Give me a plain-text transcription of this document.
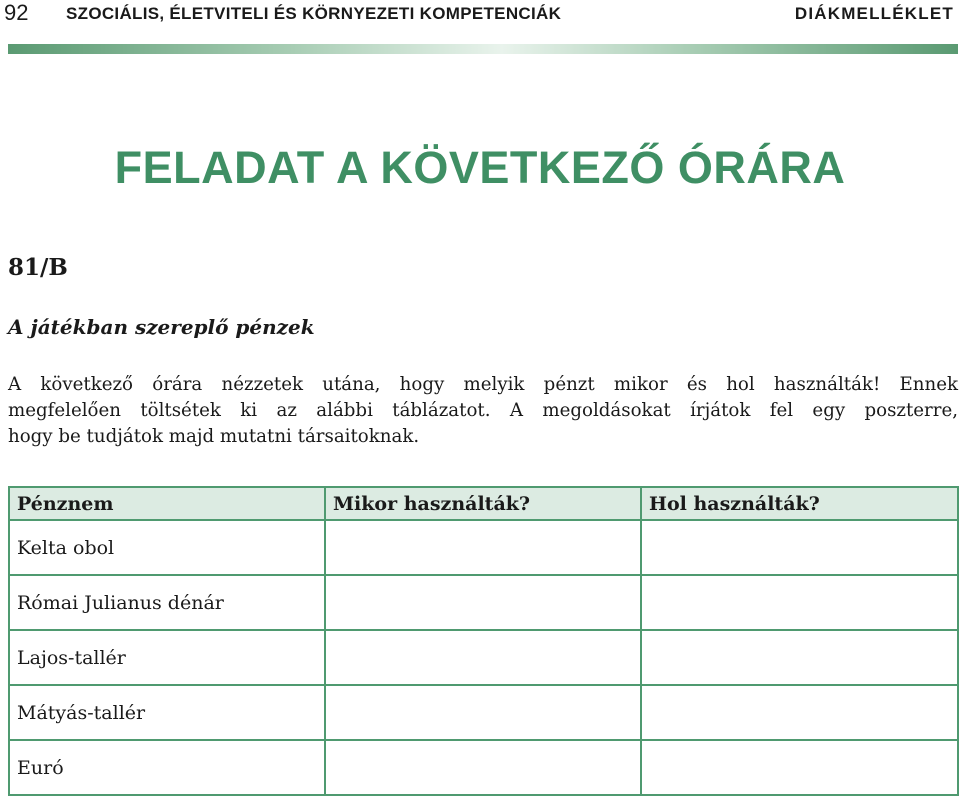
92 SZOCIÁLIS, ÉLETVITELI ÉS KÖRNYEZETI KOMPETENCIÁK	DIÁKMELLÉKLET
FELADAT A KÖVETKEZŐ ÓRÁRA
81/B
A játékban szereplő pénzek
A következő órára nézzetek utána, hogy melyik pénzt mikor és hol használták! Ennek
megfelelően töltsétek ki az alábbi táblázatot. A megoldásokat írjátok fel egy poszterre,
hogy be tudjátok majd mutatni társaitoknak.
Pénznem	Mikor használták?	Hol használták?
Kelta obol		
Római Julianus dénár		
Lajos-tallér		
Mátyás-tallér		
Euró		
